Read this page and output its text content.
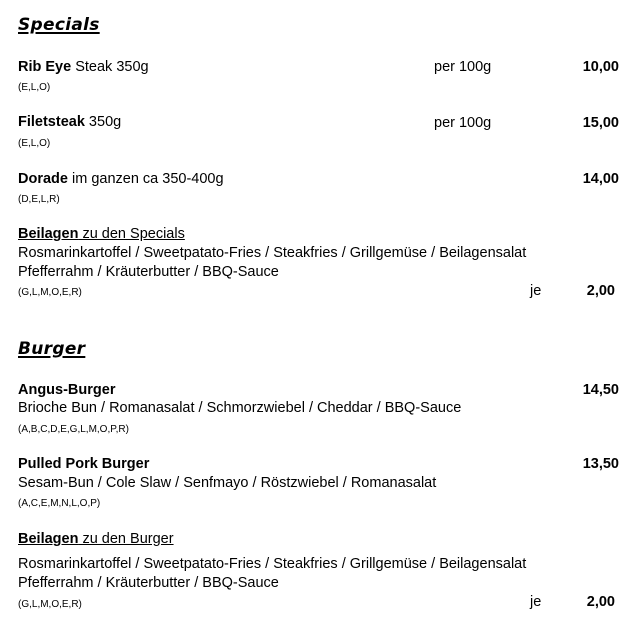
Specials
Rib Eye Steak 350g	per 100g	10,00
(E,L,O)
Filetsteak 350g	per 100g	15,00
(E,L,O)
Dorade im ganzen ca 350-400g	14,00
(D,E,L,R)
Beilagen zu den Specials
Rosmarinkartoffel / Sweetpatato-Fries / Steakfries / Grillgemüse / Beilagensalat
Pfefferrahm / Kräuterbutter / BBQ-Sauce
(G,L,M,O,E,R)	je	2,00
Burger
Angus-Burger	14,50
Brioche Bun / Romanasalat / Schmorzwiebel / Cheddar / BBQ-Sauce
(A,B,C,D,E,G,L,M,O,P,R)
Pulled Pork Burger	13,50
Sesam-Bun / Cole Slaw / Senfmayo / Röstzwiebel / Romanasalat
(A,C,E,M,N,L,O,P)
Beilagen zu den Burger
Rosmarinkartoffel / Sweetpatato-Fries / Steakfries / Grillgemüse / Beilagensalat
Pfefferrahm / Kräuterbutter / BBQ-Sauce
(G,L,M,O,E,R)	je	2,00
